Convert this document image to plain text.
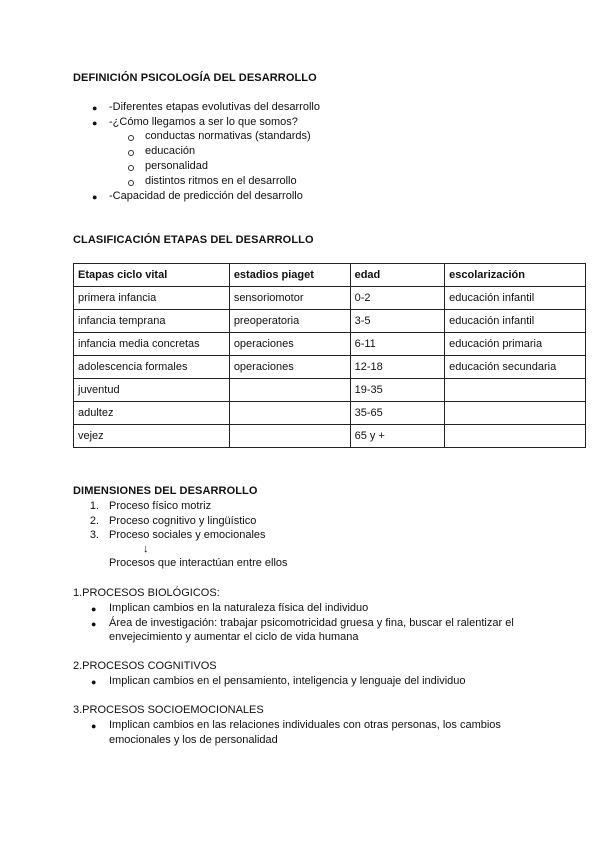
DEFINICIÓN PSICOLOGÍA DEL DESARROLLO
● -Diferentes etapas evolutivas del desarrollo
● -¿Cómo llegamos a ser lo que somos?
conductas normativas (standards)
educación
personalidad
distintos ritmos en el desarrollo
● -Capacidad de predicción del desarrollo
CLASIFICACIÓN ETAPAS DEL DESARROLLO
Etapas ciclo vital	estadios piaget	edad	escolarización
primera infancia	sensoriomotor	0-2	educación infantil
infancia temprana	preoperatoria	3-5	educación infantil
infancia media concretas	operaciones	6-11	educación primaria
adolescencia formales	operaciones	12-18	educación secundaria
juventud		19-35	
adultez		35-65	
vejez		65 y +	
DIMENSIONES DEL DESARROLLO
1. Proceso físico motriz
2. Proceso cognitivo y lingüístico
3. Proceso sociales y emocionales
↓
Procesos que interactúan entre ellos
1.PROCESOS BIOLÓGICOS:
● Implican cambios en la naturaleza física del individuo
● Área de investigación: trabajar psicomotricidad gruesa y fina, buscar el ralentizar el
envejecimiento y aumentar el ciclo de vida humana
2.PROCESOS COGNITIVOS
● Implican cambios en el pensamiento, inteligencia y lenguaje del individuo
3.PROCESOS SOCIOEMOCIONALES
● Implican cambios en las relaciones individuales con otras personas, los cambios
emocionales y los de personalidad
